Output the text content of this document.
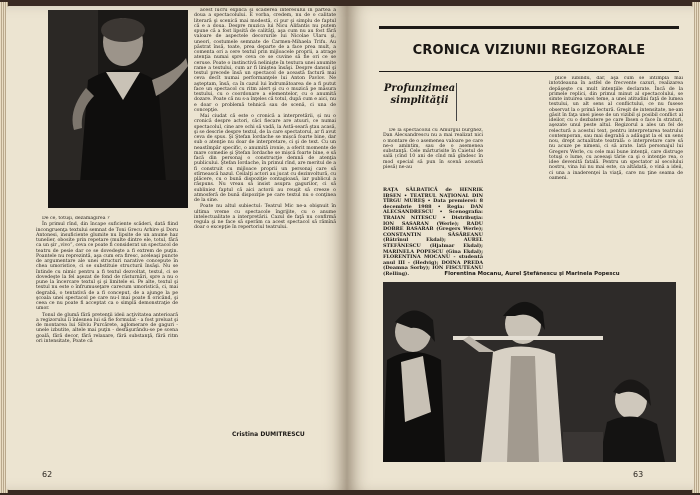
De ce, totuşi, dezamăgirea ?

În primul rînd, din încape suficiente scăderi, dată fiind incongruenţa textului semnat de Toni Grecu Arhire şi Doru Antonesi, insuficiente glumite nu lipsite de un anume haz tunelier, obosite prin repetare (multe dintre ele, totul, fără ca un şir „vivo”, ceva ce poate fi considerat un spectacol de teatru de pesie dar ce se dovedeşte a fi extrem de puţin. Poantele nu reprezintă, aşa cum era firesc, aceleaşi puncte de argumentare ale unei structuri narative concepute în chea umoristice, ci se substituie structurii însăşi. Nu se întinde cu nimic pentru a fi textul dezvoltat, textul, ci se dovedeşte la fel aşezat de fond de răsturnări, spre a nu o pune la încercare textul şi şi limitele ei. Pe alte, textul şi textul nu este o înfrumuseţare carecum umoristică, ci, mai degrabă, o tentativă de a fi conceput, de a ajunge la pe şcoala unei spectacol pe care nu-l mai poate fi oricând, şi ceea ce nu poate fi acceptat ca o simplă demonstraţie de umor.

Tonul de glumă fără pretenţii ideii acţivitatea anterioară a regizorului îi înlesnea lui să fie formulat - a fost preluat şi de montarea lui Silviu Purcărete, aglomerare de gaguri - unele izbutite, altele mai puţin - desfăşurându-se pe scena goală, fără decor, fără relaxare, fără substanţă, fără ritm ori intensitate, Poate că

acest lucru explică şi scăderea interesului în partea a doua a spectacolului. E vorba, credem, nu de o calitate literară şi scenică mai modestă, ci pur şi simplu de faptul că e a doua. Despre muzica lui Nicu Alifantis nu putem spune că a fost lipsită de calităţi, aşa cum nu au fost fără valoare de aspectele decorurile lui Nicolae Ularu şi, uneori, costumele semnate de Carmen-Mihaela Trifu. Au păstrat însă, toate, prea departe de a face prea mult, a comenta ori a cere textul prin mijloacele proprii, a atrage atenţia numai spre ceva ce se cuvine să fie ori ce se ceruse. Poate o instinctivă nelinişte în textura unei anumite rame a textului, cum ar fi liniştea însăşi. Despre dansul şi textul precede însă un spectacol de această factură mai ceva decît numai performanţele lui Anton Pavlov. Ne aşteptam, însă, ca în cazul lui îndrumătoarea de a fi putut face un spectacol cu ritm alert şi cu o muzică pe măsura textului, cu o coordonare a elementelor, cu o anumită dozare. Poate că nu s-a înţeles că totul, după cum e aici, nu e doar o problemă tehnică sau de scenă, ci una de concepţie.

Mai ciudat că este o cronică a interpretării, și nu o cronică despre actori, căci fiecare are atuuri, ce numai spectacolul, cine are ochi să vadă, la Astă-seară ştau acasă, şi se descrie despre textul, de la care spectatorul, ar fi avut ceva de spus. Şi Ştefan Iordache se mișcă foarte bine, dar sub o atenţie nu doar de interpretare, ci şi de text. Cu un neastîmpăr specific, o anumită ironie, a oferit momente de mare comedie şi Ştefan Iordache se mișcă foarte bine, e să facă din personaj o construcţie demnă de atenţia publicului. Ştefan Iordache, în primul rînd, are meritul de a fi construit cu mijloace proprii un personaj care să stîrnească hazul. Ceilalţi actori au jucat cu dezinvoltură, cu plăcere, cu o bună dispoziţie contagioasă, iar publicul a răspuns. Nu vreau să insist asupra gagurilor, ci să subliniez faptul că aici actorii au reuşit să creeze o atmosferă de bună dispoziţie pe care textul nu o conţinea de la sine.

Poate nu altul subiectul: Teatrul Mic ne-a obişnuit în ultima vreme cu spectacole îngrijite, cu o anume intelectualitate a interpretării. Cazul de faţă nu confirmă regula şi ne face să sperăm ca acest spectacol să rămînă doar o excepţie în repertoriul teatrului.

Cristina DUMITRESCU
62
CRONICA VIZIUNII REGIZORALE
Profunzimea simplităţii

De la spectacolul cu Amurgul burghez, Dan Alecsandrescu nu a mai realizat nici o montare de o asemenea valoare pe care ne-o amintim, sau de o asemenea substanţă. Cele mărturisite în Caietul de sală (cînd 10 ani de cînd mă gîndesc în mod special să pun în scenă această piesă) ne-au

RAŢA SĂLBATICĂ de HENRIK IBSEN • TEATRUL NAŢIONAL DIN TÎRGU MUREŞ • Data premierei: 8 decembrie 1988 • Regia: DAN ALECSANDRESCU • Scenografia: TRAIAN NITESCU • Distribuţia: ION SASARAN (Werle); RADU DOBRE BASARAB (Gregers Werle); CONSTANTIN SĂSĂREANU (Bătrînul Ekdal); AUREL STEFĂNESCU (Hjalmar Ekdal); MARINELA POPESCU (Gina Ekdal); FLORENTINA MOCANU - studentă anul III - (Hedvig); DOINA PREDA (Doamna Sorby); ION FISCUTEANU (Relling).

plice iubindu, dar, aşa cum se intîmplă mai intotdeauna în astfel de frecvente cazuri, realizarea depăşeşte cu mult intenţiile declarate. Încă de la primele replici, din primul minut al spectacolului, se simte intuirea unei teme, a unei atitudini faţă de lumea textului, un alt sens al conflictului, ce nu fusese observat la o primă lectură. Greşit de intensitate, ne-am găsit în faţa unei piese de un vizibil şi posibil conflict al ideilor, cu o dezbatere pe care Ibsen o face în straturi, aşezate unul peste altul. Regizorul a ales un fel de relectură a acestui text, pentru interpretarea teatrului contemporan, sau mai degrabă a adăugat la el un sens nou, drept actualitate teatrală: o interpretare care să nu acuze pe nimeni, ci să arate. Iată personajul lui Gregers Werle, cu cele mai bune intenţii, care distruge totuşi o lume, cu aceeaşi tărie ca şi o intenţie rea, o idee devenită fatală. Pentru un spectator al secolului nostru, vina lui nu mai este, ca altădată, o vină a ideii, ci una a inaderenţei la viaţă, care nu ţine seama de oameni.

Florentina Mocanu, Aurel Ştefănescu şi Marinela Popescu
63
